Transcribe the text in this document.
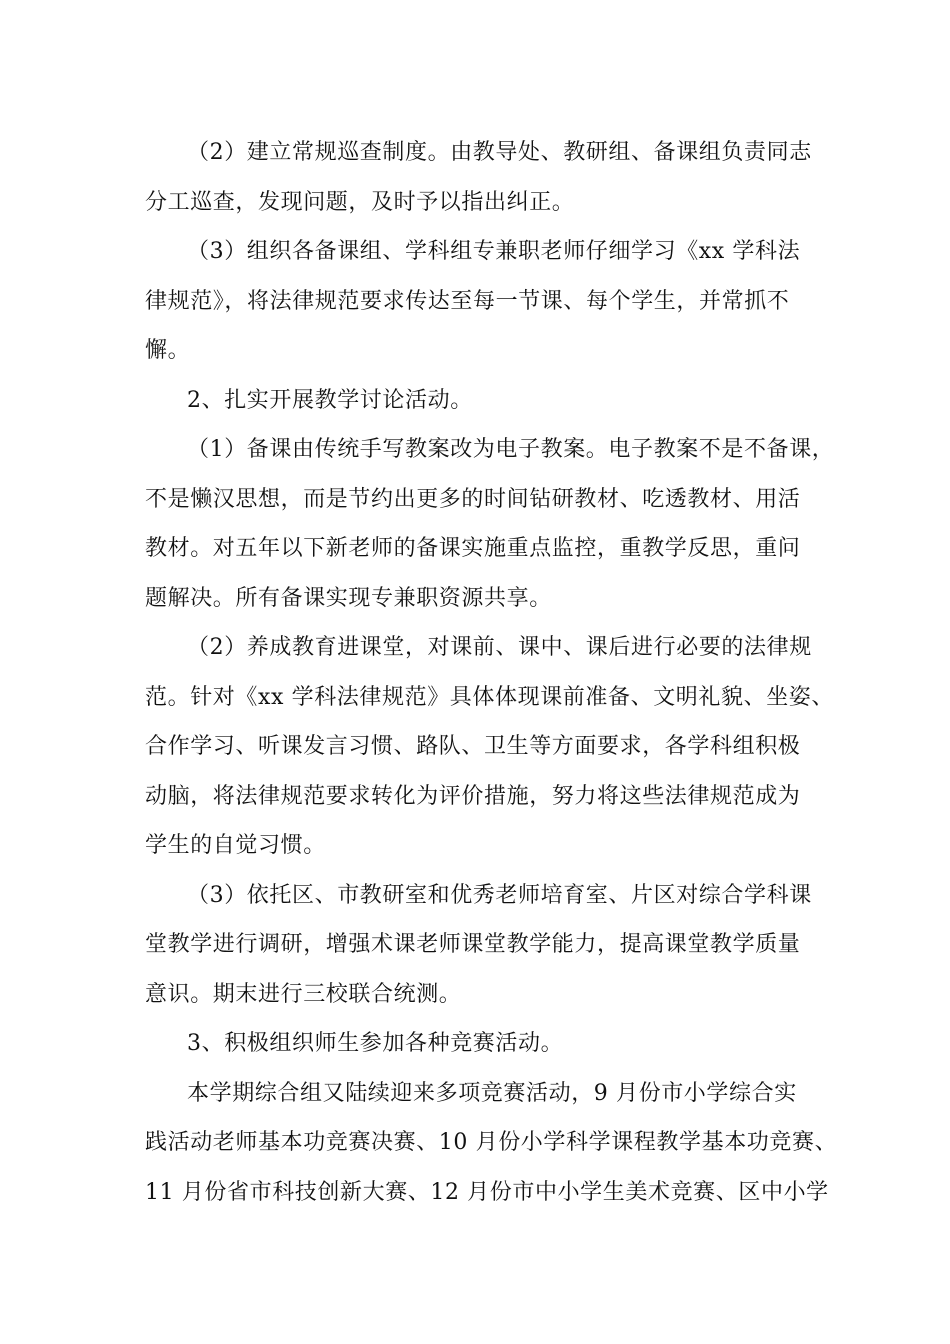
（2）建立常规巡查制度。由教导处、教研组、备课组负责同志
分工巡查，发现问题，及时予以指出纠正。
（3）组织各备课组、学科组专兼职老师仔细学习《xx 学科法
律规范》，将法律规范要求传达至每一节课、每个学生，并常抓不
懈。
2、扎实开展教学讨论活动。
（1）备课由传统手写教案改为电子教案。电子教案不是不备课，
不是懒汉思想，而是节约出更多的时间钻研教材、吃透教材、用活
教材。对五年以下新老师的备课实施重点监控，重教学反思，重问
题解决。所有备课实现专兼职资源共享。
（2）养成教育进课堂，对课前、课中、课后进行必要的法律规
范。针对《xx 学科法律规范》具体体现课前准备、文明礼貌、坐姿、
合作学习、听课发言习惯、路队、卫生等方面要求，各学科组积极
动脑，将法律规范要求转化为评价措施，努力将这些法律规范成为
学生的自觉习惯。
（3）依托区、市教研室和优秀老师培育室、片区对综合学科课
堂教学进行调研，增强术课老师课堂教学能力，提高课堂教学质量
意识。期末进行三校联合统测。
3、积极组织师生参加各种竞赛活动。
本学期综合组又陆续迎来多项竞赛活动，9 月份市小学综合实
践活动老师基本功竞赛决赛、10 月份小学科学课程教学基本功竞赛、
11 月份省市科技创新大赛、12 月份市中小学生美术竞赛、区中小学
